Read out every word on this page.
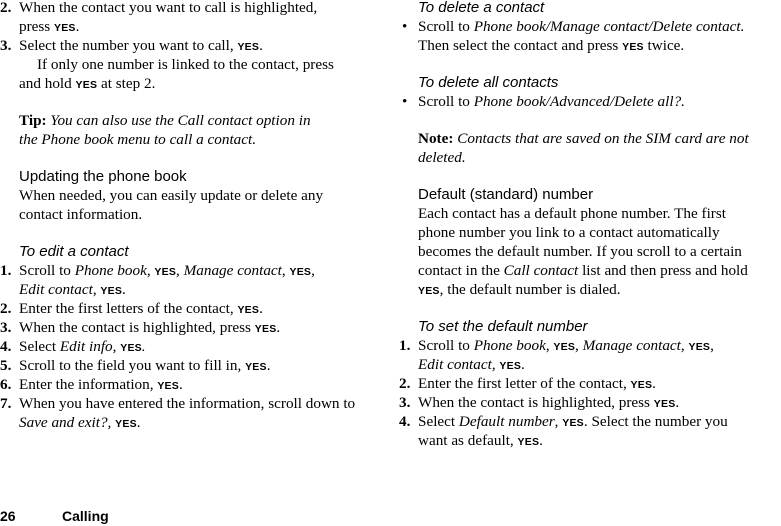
2. When the contact you want to call is highlighted,
press YES.
3. Select the number you want to call, YES.
If only one number is linked to the contact, press
and hold YES at step 2.
Tip: You can also use the Call contact option in
the Phone book menu to call a contact.
Updating the phone book
When needed, you can easily update or delete any
contact information.
To edit a contact
1. Scroll to Phone book, YES, Manage contact, YES,
Edit contact, YES.
2. Enter the first letters of the contact, YES.
3. When the contact is highlighted, press YES.
4. Select Edit info, YES.
5. Scroll to the field you want to fill in, YES.
6. Enter the information, YES.
7. When you have entered the information, scroll down to
Save and exit?, YES.
To delete a contact
• Scroll to Phone book/Manage contact/Delete contact.
Then select the contact and press YES twice.
To delete all contacts
• Scroll to Phone book/Advanced/Delete all?.
Note: Contacts that are saved on the SIM card are not
deleted.
Default (standard) number
Each contact has a default phone number. The first
phone number you link to a contact automatically
becomes the default number. If you scroll to a certain
contact in the Call contact list and then press and hold
YES, the default number is dialed.
To set the default number
1. Scroll to Phone book, YES, Manage contact, YES,
Edit contact, YES.
2. Enter the first letter of the contact, YES.
3. When the contact is highlighted, press YES.
4. Select Default number, YES. Select the number you
want as default, YES.
26	Calling
